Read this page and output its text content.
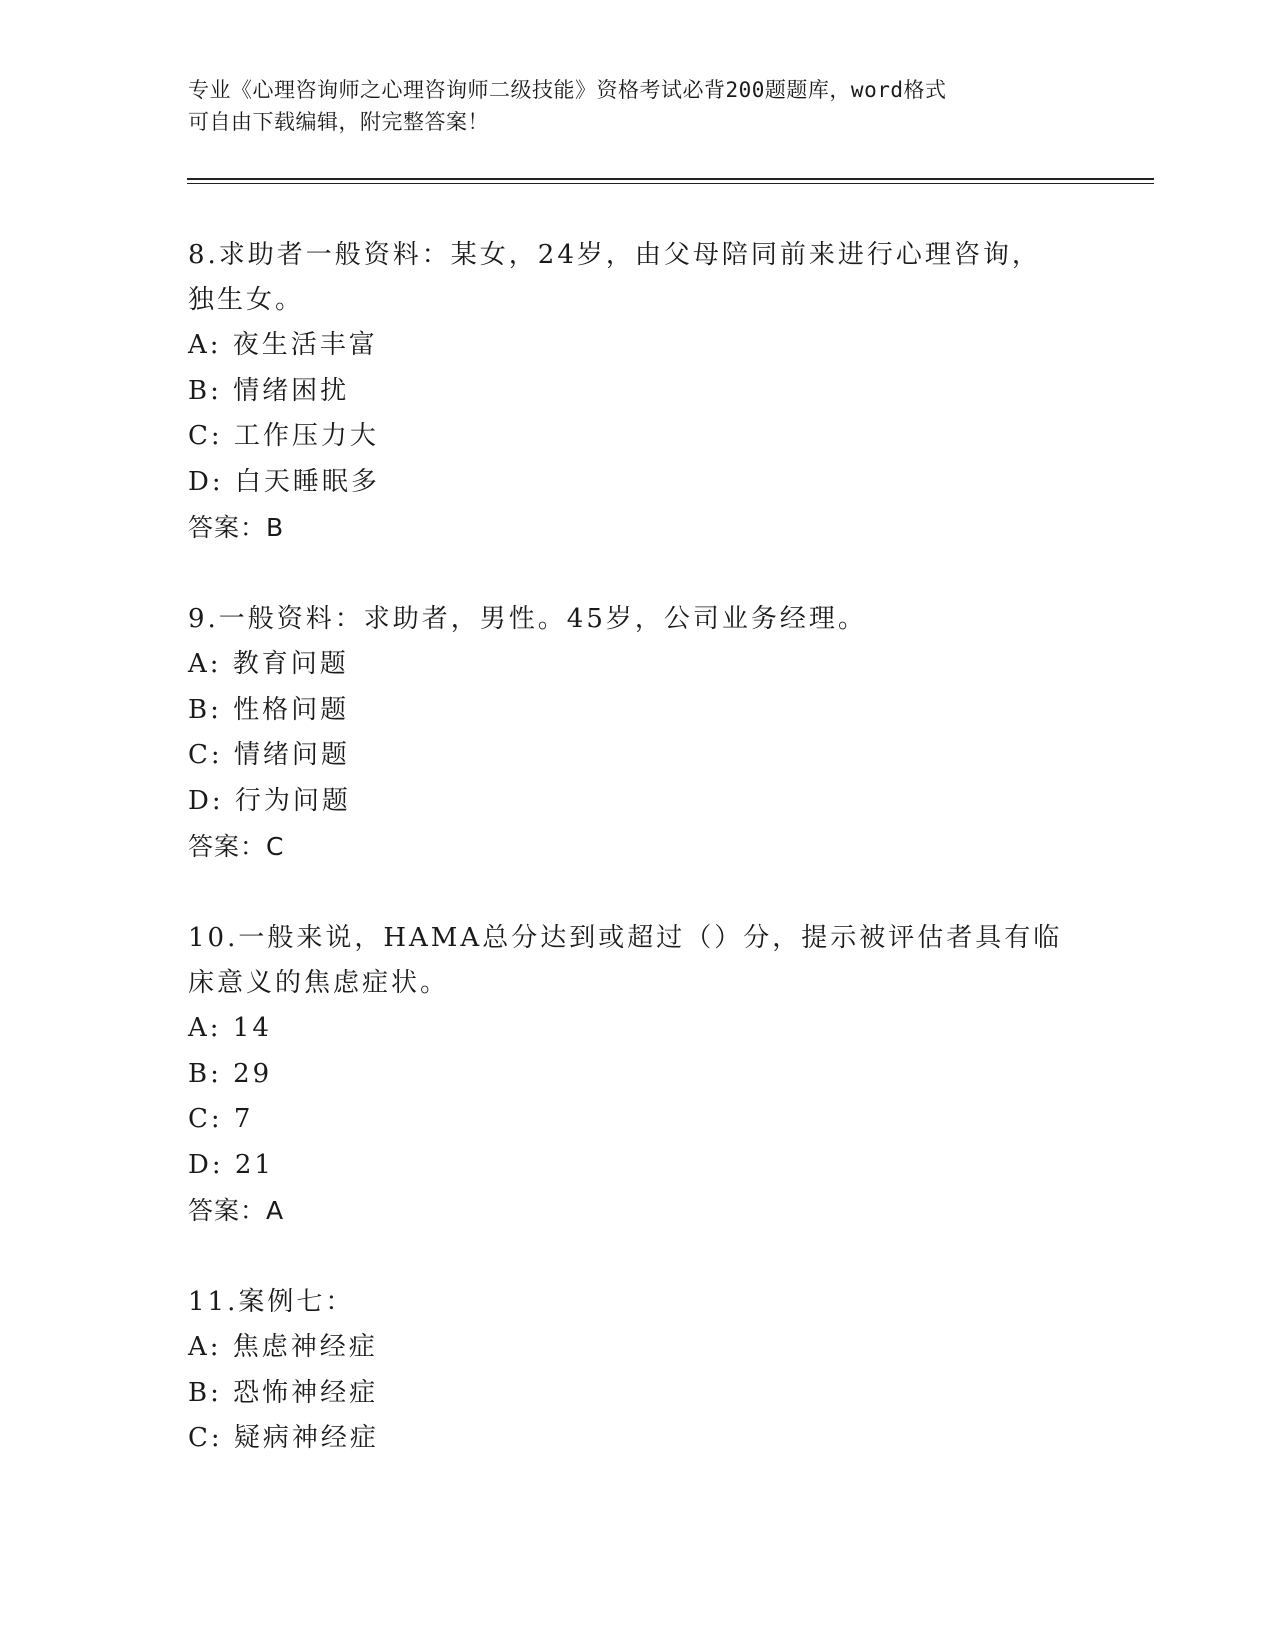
专业《心理咨询师之心理咨询师二级技能》资格考试必背200题题库，word格式
可自由下载编辑，附完整答案！
8.求助者一般资料：某女，24岁，由父母陪同前来进行心理咨询，独生女。
A: 夜生活丰富
B: 情绪困扰
C: 工作压力大
D: 白天睡眠多
答案：B
9.一般资料：求助者，男性。45岁，公司业务经理。
A: 教育问题
B: 性格问题
C: 情绪问题
D: 行为问题
答案：C
10.一般来说，HAMA总分达到或超过（）分，提示被评估者具有临床意义的焦虑症状。
A: 14
B: 29
C: 7
D: 21
答案：A
11.案例七：
A: 焦虑神经症
B: 恐怖神经症
C: 疑病神经症
